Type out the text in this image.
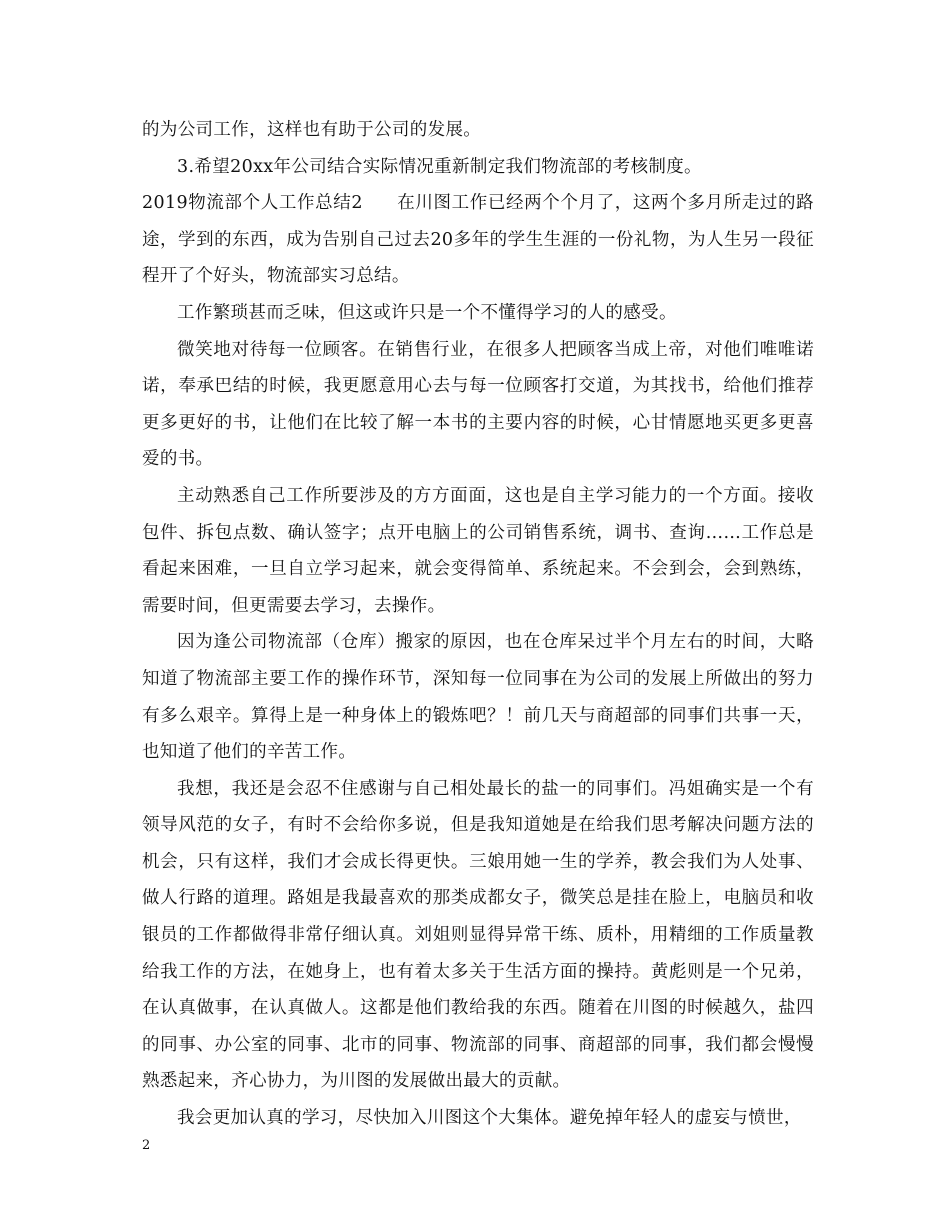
的为公司工作，这样也有助于公司的发展。

3.希望20xx年公司结合实际情况重新制定我们物流部的考核制度。

2019物流部个人工作总结2 在川图工作已经两个个月了，这两个多月所走过的路途，学到的东西，成为告别自己过去20多年的学生生涯的一份礼物，为人生另一段征程开了个好头，物流部实习总结。

工作繁琐甚而乏味，但这或许只是一个不懂得学习的人的感受。

微笑地对待每一位顾客。在销售行业，在很多人把顾客当成上帝，对他们唯唯诺诺，奉承巴结的时候，我更愿意用心去与每一位顾客打交道，为其找书，给他们推荐更多更好的书，让他们在比较了解一本书的主要内容的时候，心甘情愿地买更多更喜爱的书。

主动熟悉自己工作所要涉及的方方面面，这也是自主学习能力的一个方面。接收包件、拆包点数、确认签字；点开电脑上的公司销售系统，调书、查询……工作总是看起来困难，一旦自立学习起来，就会变得简单、系统起来。不会到会，会到熟练，需要时间，但更需要去学习，去操作。

因为逢公司物流部（仓库）搬家的原因，也在仓库呆过半个月左右的时间，大略知道了物流部主要工作的操作环节，深知每一位同事在为公司的发展上所做出的努力有多么艰辛。算得上是一种身体上的锻炼吧？！前几天与商超部的同事们共事一天，也知道了他们的辛苦工作。

我想，我还是会忍不住感谢与自己相处最长的盐一的同事们。冯姐确实是一个有领导风范的女子，有时不会给你多说，但是我知道她是在给我们思考解决问题方法的机会，只有这样，我们才会成长得更快。三娘用她一生的学养，教会我们为人处事、做人行路的道理。路姐是我最喜欢的那类成都女子，微笑总是挂在脸上，电脑员和收银员的工作都做得非常仔细认真。刘姐则显得异常干练、质朴，用精细的工作质量教给我工作的方法，在她身上，也有着太多关于生活方面的操持。黄彪则是一个兄弟，在认真做事，在认真做人。这都是他们教给我的东西。随着在川图的时候越久，盐四的同事、办公室的同事、北市的同事、物流部的同事、商超部的同事，我们都会慢慢熟悉起来，齐心协力，为川图的发展做出最大的贡献。

我会更加认真的学习，尽快加入川图这个大集体。避免掉年轻人的虚妄与愤世，

2
